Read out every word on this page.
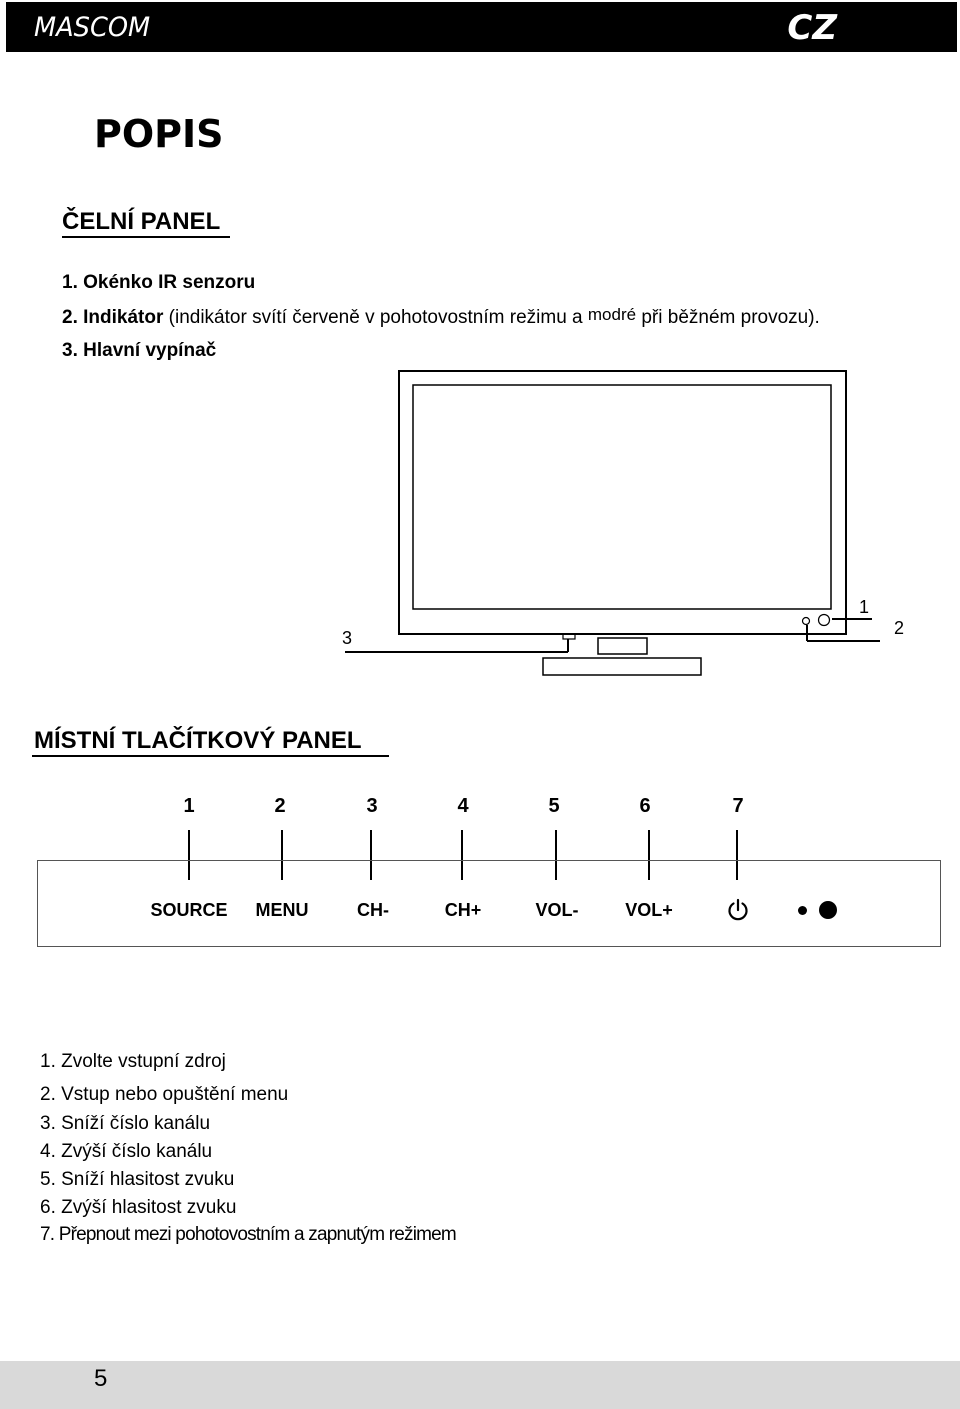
MASCOM	CZ
POPIS
ČELNÍ PANEL
1. Okénko IR senzoru
2. Indikátor (indikátor svítí červeně v pohotovostním režimu a modré při běžném provozu).
3. Hlavní vypínač
1
2
3
MÍSTNÍ TLAČÍTKOVÝ PANEL
1	2	3	4	5	6	7
SOURCE	MENU	CH-	CH+	VOL-	VOL+
1. Zvolte vstupní zdroj
2. Vstup nebo opuštění menu
3. Sníží číslo kanálu
4. Zvýší číslo kanálu
5. Sníží hlasitost zvuku
6. Zvýší hlasitost zvuku
7. Přepnout mezi pohotovostním a zapnutým režimem
5
